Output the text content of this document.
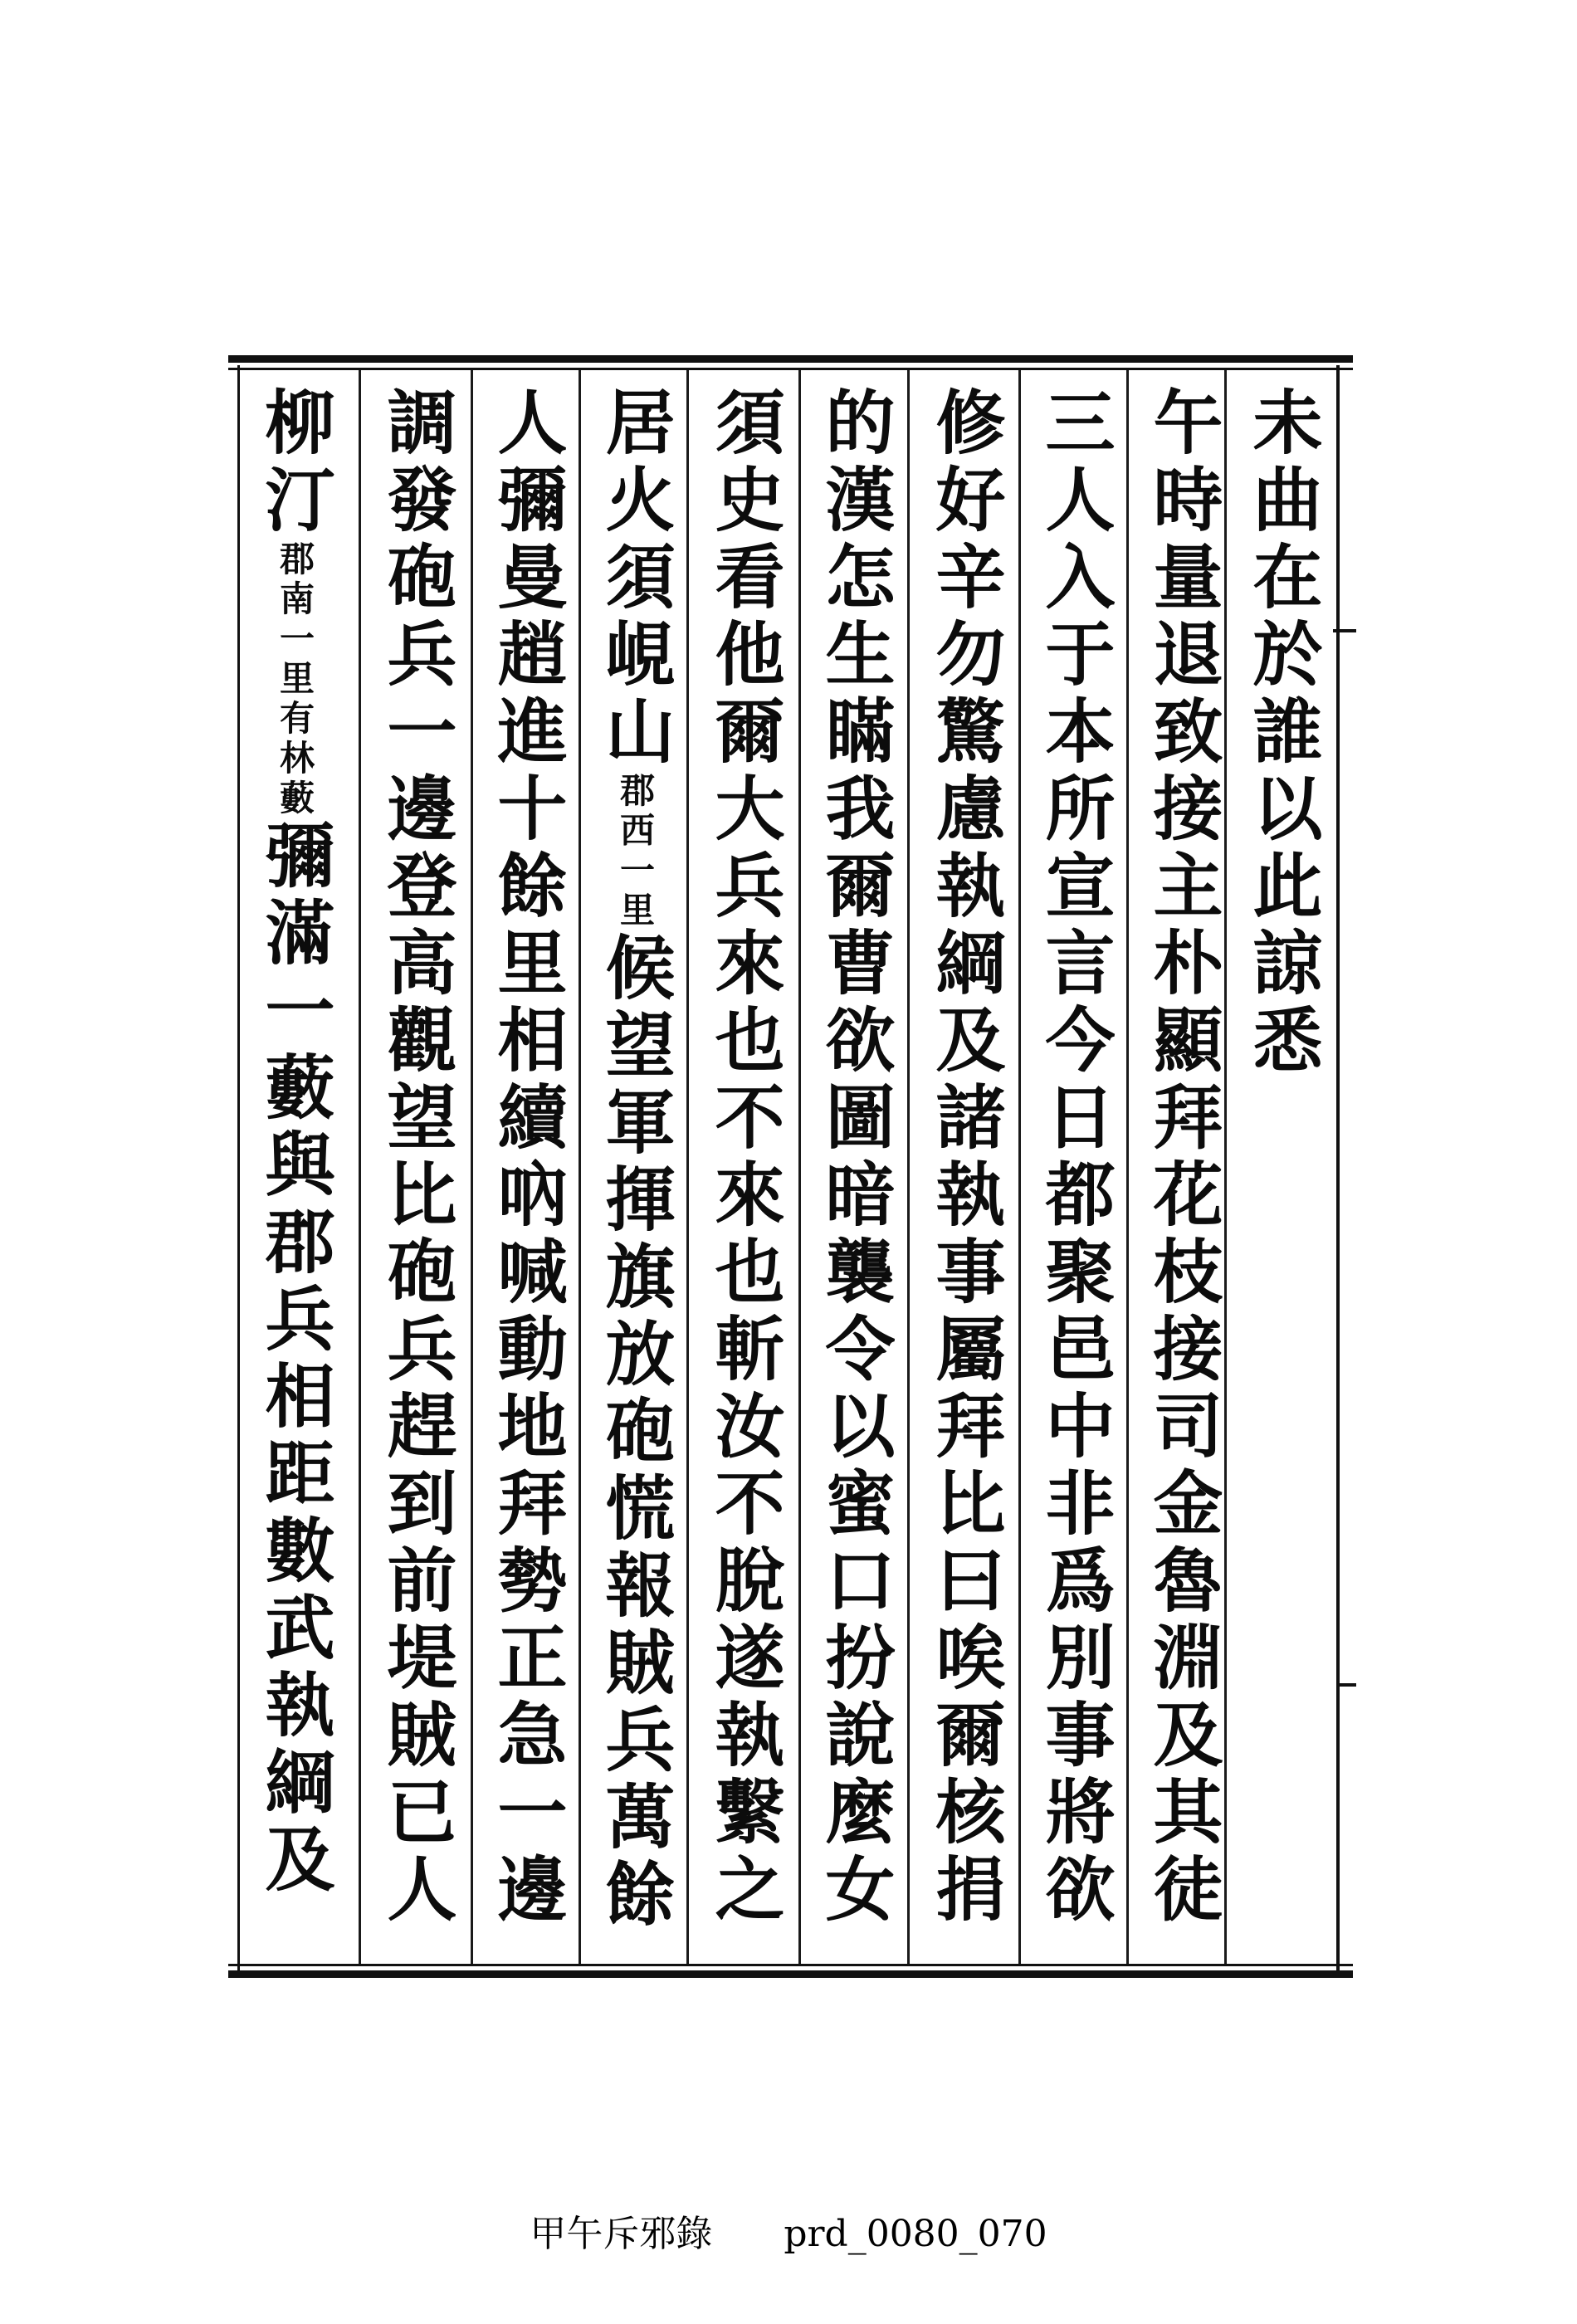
未曲在於誰以此諒悉
午時量退致接主朴顯拜花枝接司金魯淵及其徒
三人入于本所宣言今日都聚邑中非爲別事將欲
修好辛勿驚慮執綱及諸執事屬拜比曰唉爾核捐
的漢怎生瞞我爾曹欲圖暗襲令以蜜口扮說麼女
須史看他爾大兵來也不來也斬汝不脫遂執繫之
居火須峴山郡西一里候望軍揮旗放砲慌報賊兵萬餘
人彌曼趙進十餘里相續吶喊動地拜勢正急一邊
調發砲兵一邊登高觀望比砲兵趕到前堤賊已人
柳汀郡南一里有林藪彌滿一藪與郡兵相距數武執綱及
甲午斥邪錄 prd_0080_070
